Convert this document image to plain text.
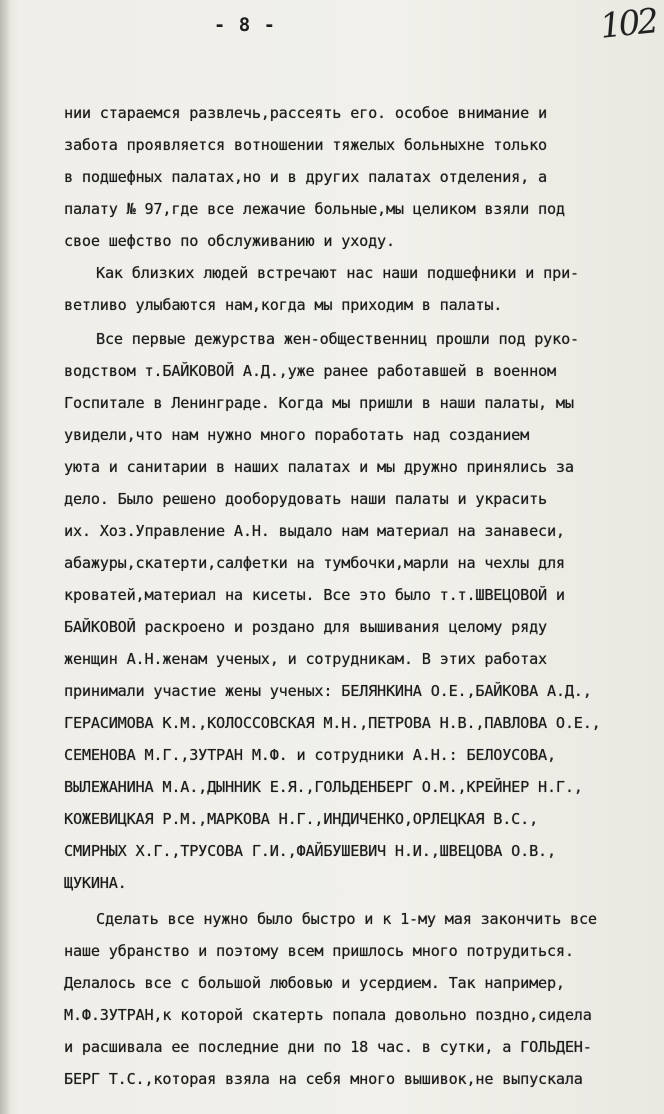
- 8 -	102
нии стараемся развлечь,рассеять его. особое внимание и
забота проявляется вотношении тяжелых больныхне только
в подшефных палатах,но и в других палатах отделения, а
палату № 97,где все лежачие больные,мы целиком взяли под
свое шефство по обслуживанию и уходу.
Как близких людей встречают нас наши подшефники и при-
ветливо улыбаются нам,когда мы приходим в палаты.
Все первые дежурства жен-общественниц прошли под руко-
водством т.БАЙКОВОЙ А.Д.,уже ранее работавшей в военном
Госпитале в Ленинграде. Когда мы пришли в наши палаты, мы
увидели,что нам нужно много поработать над созданием
уюта и санитарии в наших палатах и мы дружно принялись за
дело. Было решено дооборудовать наши палаты и украсить
их. Хоз.Управление А.Н. выдало нам материал на занавеси,
абажуры,скатерти,салфетки на тумбочки,марли на чехлы для
кроватей,материал на кисеты. Все это было т.т.ШВЕЦОВОЙ и
БАЙКОВОЙ раскроено и роздано для вышивания целому ряду
женщин А.Н.женам ученых, и сотрудникам. В этих работах
принимали участие жены ученых: БЕЛЯНКИНА О.Е.,БАЙКОВА А.Д.,
ГЕРАСИМОВА К.М.,КОЛОССОВСКАЯ М.Н.,ПЕТРОВА Н.В.,ПАВЛОВА О.Е.,
СЕМЕНОВА М.Г.,ЗУТРАН М.Ф. и сотрудники А.Н.: БЕЛОУСОВА,
ВЫЛЕЖАНИНА М.А.,ДЫННИК Е.Я.,ГОЛЬДЕНБЕРГ О.М.,КРЕЙНЕР Н.Г.,
КОЖЕВИЦКАЯ Р.М.,МАРКОВА Н.Г.,ИНДИЧЕНКО,ОРЛЕЦКАЯ В.С.,
СМИРНЫХ Х.Г.,ТРУСОВА Г.И.,ФАЙБУШЕВИЧ Н.И.,ШВЕЦОВА О.В.,
ЩУКИНА.
Сделать все нужно было быстро и к 1-му мая закончить все
наше убранство и поэтому всем пришлось много потрудиться.
Делалось все с большой любовью и усердием. Так например,
М.Ф.ЗУТРАН,к которой скатерть попала довольно поздно,сидела
и расшивала ее последние дни по 18 час. в сутки, а ГОЛЬДЕН-
БЕРГ Т.С.,которая взяла на себя много вышивок,не выпускала
